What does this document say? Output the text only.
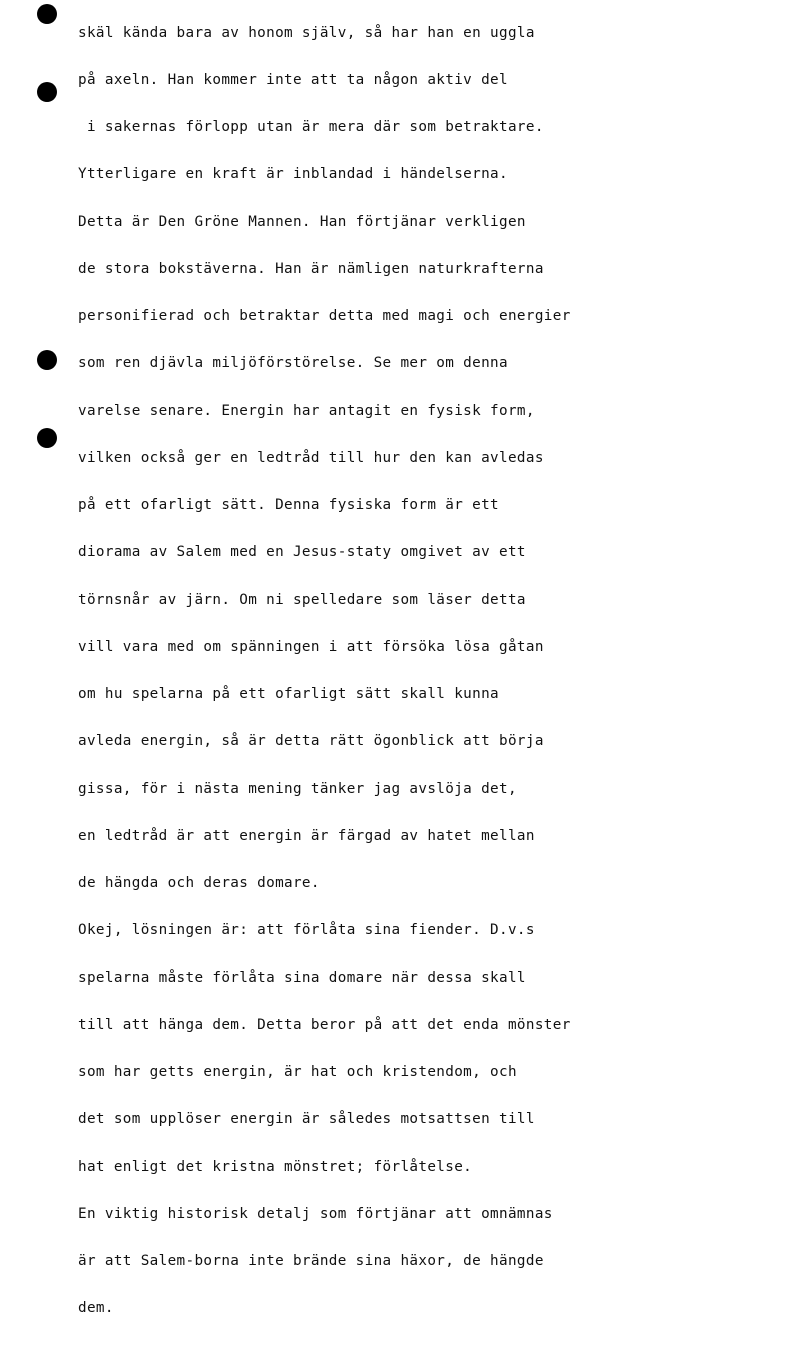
skäl kända bara av honom själv, så har han en uggla

på axeln. Han kommer inte att ta någon aktiv del

i sakernas förlopp utan är mera där som betraktare.

Ytterligare en kraft är inblandad i händelserna.

Detta är Den Gröne Mannen. Han förtjänar verkligen

de stora bokstäverna. Han är nämligen naturkrafterna

personifierad och betraktar detta med magi och energier

som ren djävla miljöförstörelse. Se mer om denna

varelse senare. Energin har antagit en fysisk form,

vilken också ger en ledtråd till hur den kan avledas

på ett ofarligt sätt. Denna fysiska form är ett

diorama av Salem med en Jesus-staty omgivet av ett

törnsnår av järn. Om ni spelledare som läser detta

vill vara med om spänningen i att försöka lösa gåtan

om hu spelarna på ett ofarligt sätt skall kunna

avleda energin, så är detta rätt ögonblick att börja

gissa, för i nästa mening tänker jag avslöja det,

en ledtråd är att energin är färgad av hatet mellan

de hängda och deras domare.

Okej, lösningen är: att förlåta sina fiender. D.v.s

spelarna måste förlåta sina domare när dessa skall

till att hänga dem. Detta beror på att det enda mönster

som har getts energin, är hat och kristendom, och

det som upplöser energin är således motsattsen till

hat enligt det kristna mönstret; förlåtelse.

En viktig historisk detalj som förtjänar att omnämnas

är att Salem-borna inte brände sina häxor, de hängde

dem.
